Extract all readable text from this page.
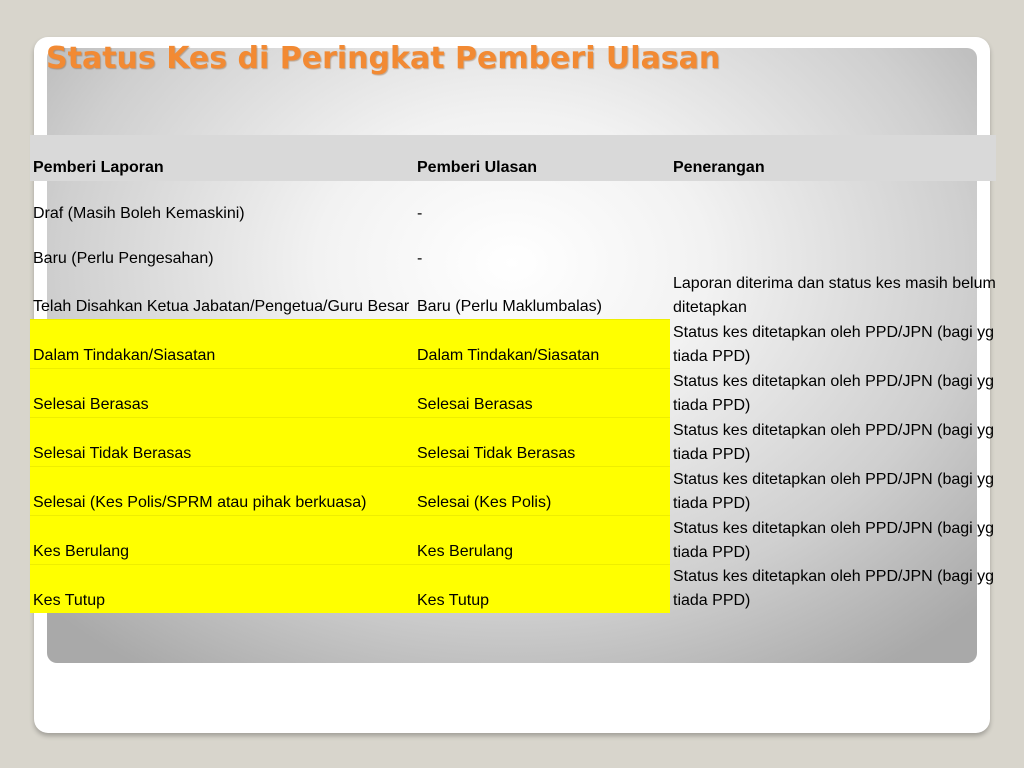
Status Kes di Peringkat Pemberi Ulasan
Pemberi Laporan	Pemberi Ulasan	Penerangan
Draf (Masih Boleh Kemaskini)	-	
Baru (Perlu Pengesahan)	-	
Telah Disahkan Ketua Jabatan/Pengetua/Guru Besar	Baru (Perlu Maklumbalas)	Laporan diterima dan status kes masih belum ditetapkan
Dalam Tindakan/Siasatan	Dalam Tindakan/Siasatan	Status kes ditetapkan oleh PPD/JPN (bagi yg tiada PPD)
Selesai Berasas	Selesai Berasas	Status kes ditetapkan oleh PPD/JPN (bagi yg tiada PPD)
Selesai Tidak Berasas	Selesai Tidak Berasas	Status kes ditetapkan oleh PPD/JPN (bagi yg tiada PPD)
Selesai (Kes Polis/SPRM atau pihak berkuasa)	Selesai (Kes Polis)	Status kes ditetapkan oleh PPD/JPN (bagi yg tiada PPD)
Kes Berulang	Kes Berulang	Status kes ditetapkan oleh PPD/JPN (bagi yg tiada PPD)
Kes Tutup	Kes Tutup	Status kes ditetapkan oleh PPD/JPN (bagi yg tiada PPD)
